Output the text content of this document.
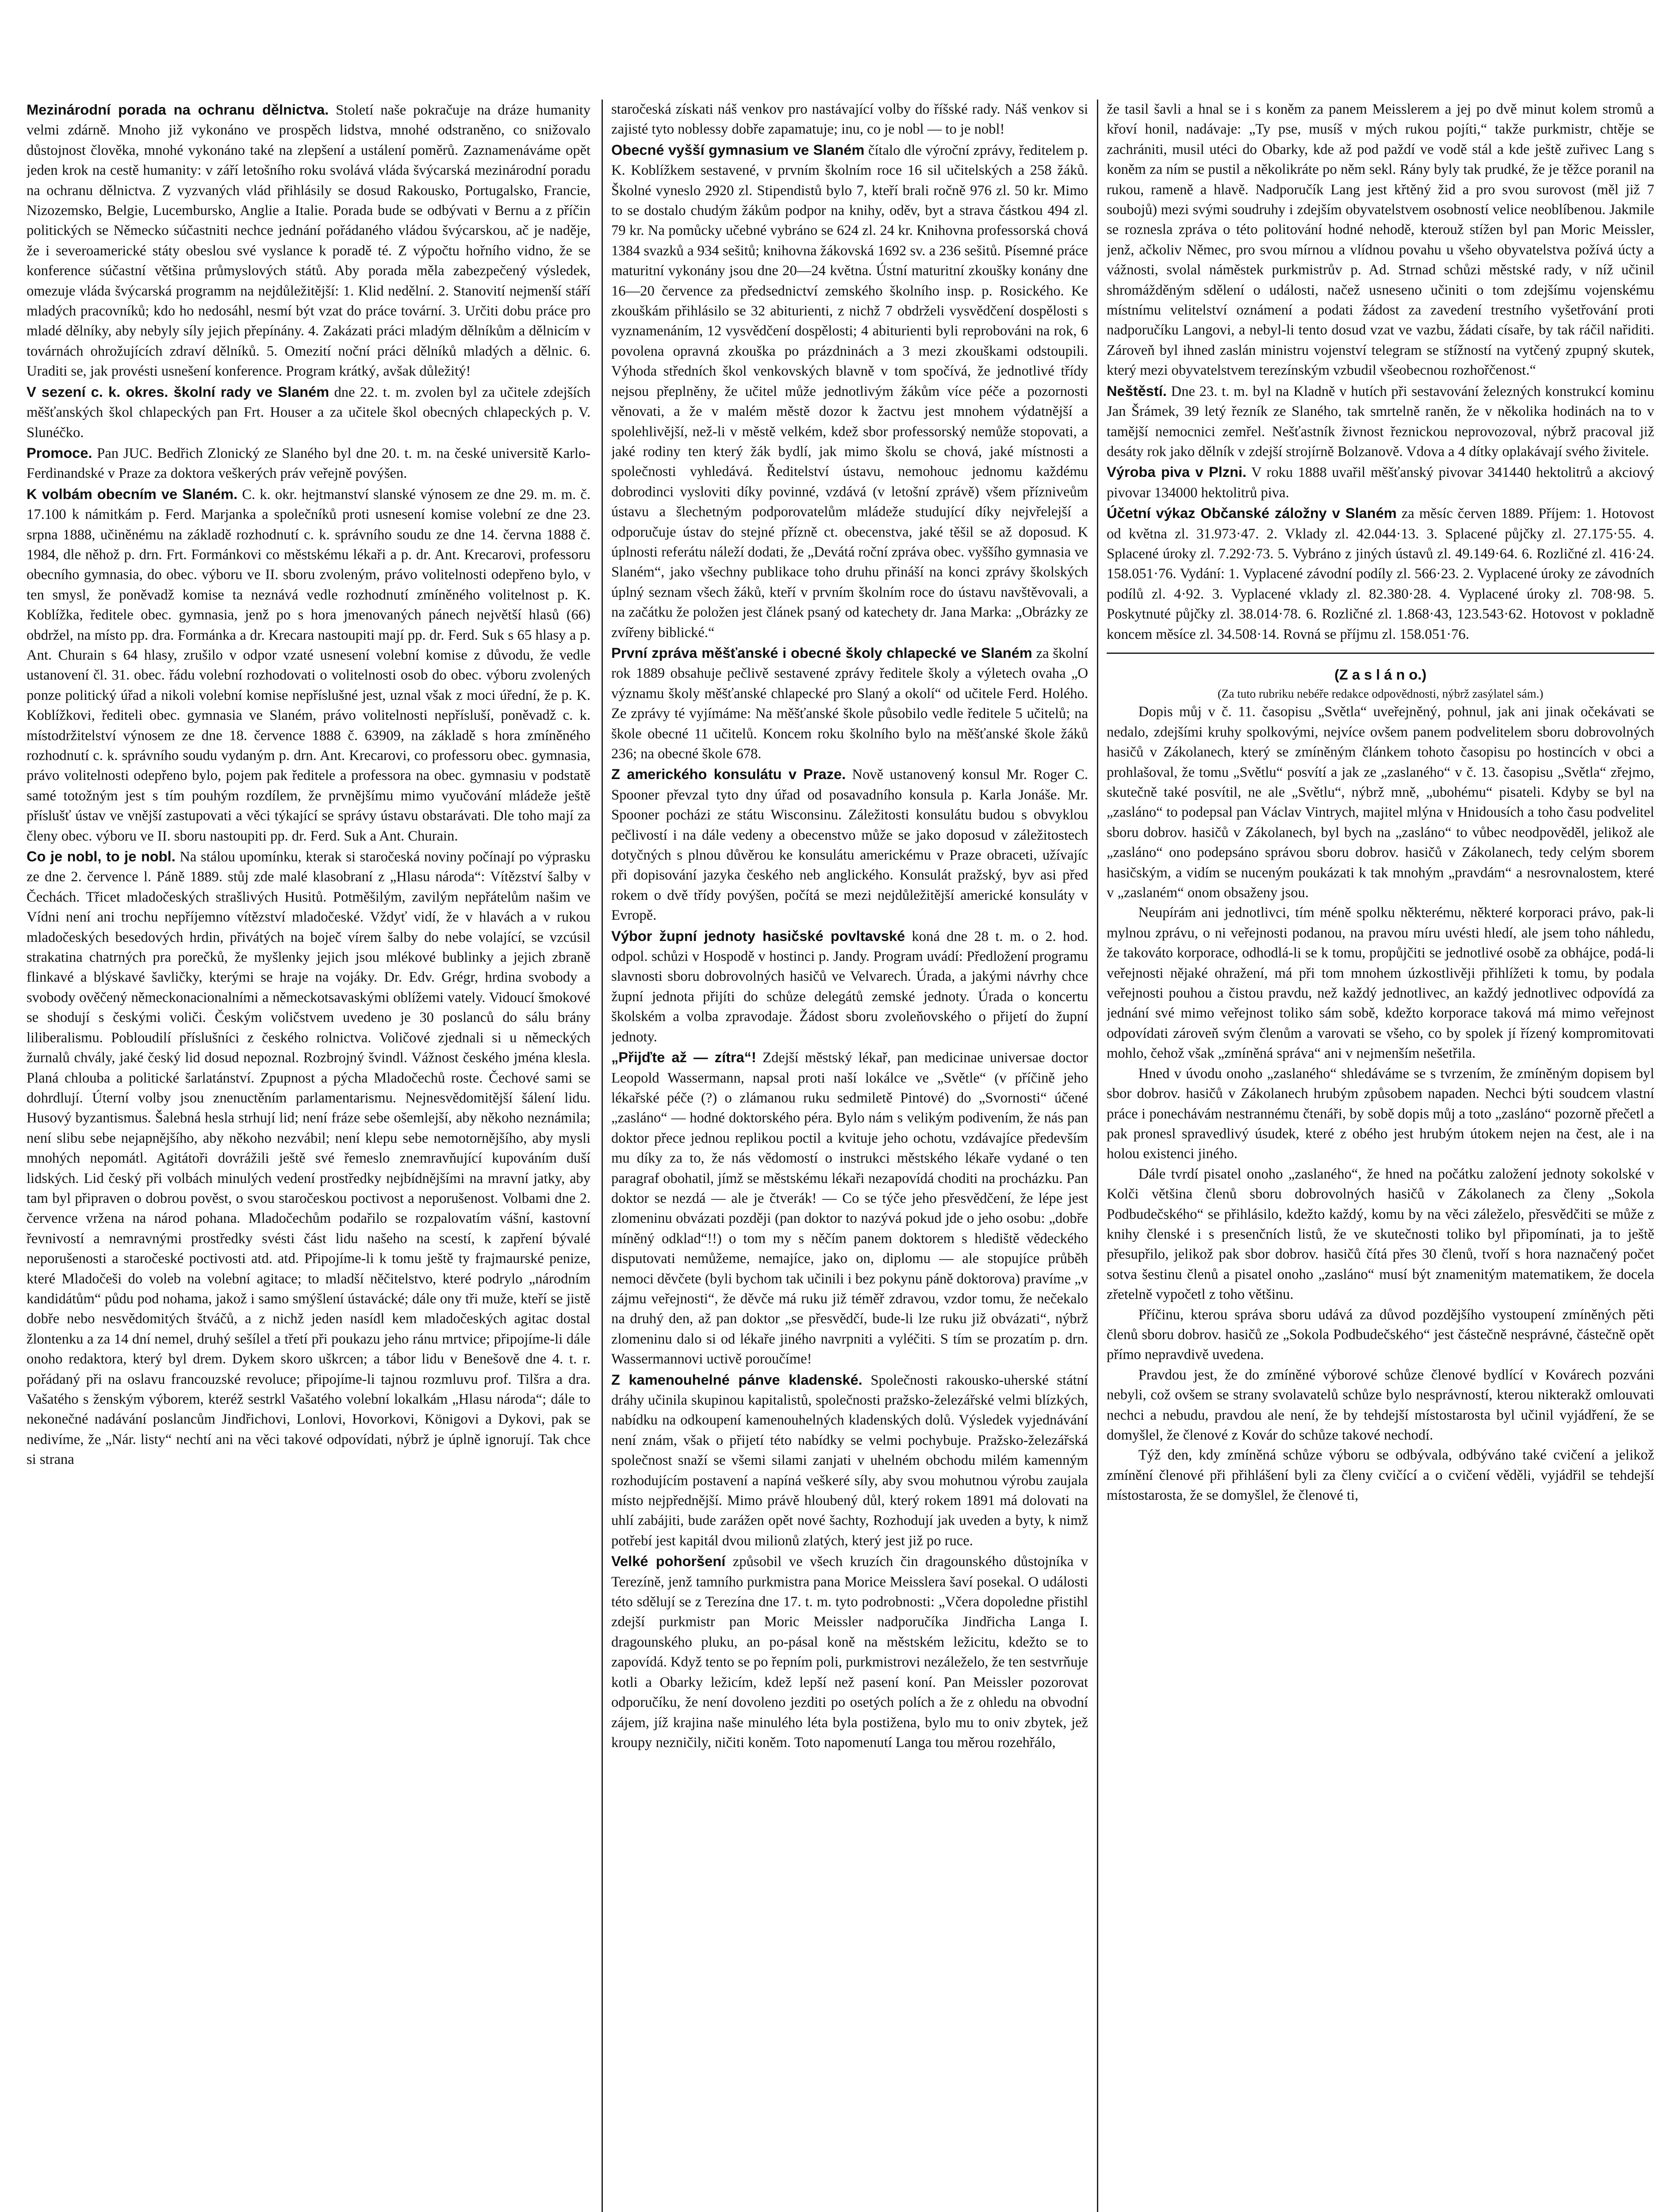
Mezinárodní porada na ochranu dělnictva. Století naše pokračuje na dráze humanity velmi zdárně. Mnoho již vykonáno ve prospěch lidstva, mnohé odstraněno, co snižovalo důstojnost člověka, mnohé vykonáno také na zlepšení a ustálení poměrů. Zaznamenáváme opět jeden krok na cestě humanity: v září letošního roku svolává vláda švýcarská mezinárodní poradu na ochranu dělnictva. Z vyzvaných vlád přihlásily se dosud Rakousko, Portugalsko, Francie, Nizozemsko, Belgie, Lucembursko, Anglie a Italie. Porada bude se odbývati v Bernu a z příčin politických se Německo súčastniti nechce jednání pořádaného vládou švýcarskou, ač je naděje, že i severoamerické státy obeslou své vyslance k poradě té. Z výpočtu hořního vidno, že se konference súčastní většina průmyslových států. Aby porada měla zabezpečený výsledek, omezuje vláda švýcarská programm na nejdůležitější: 1. Klid nedělní. 2. Stanovití nejmenší stáří mladých pracovníků; kdo ho nedosáhl, nesmí být vzat do práce tovární. 3. Určiti dobu práce pro mladé dělníky, aby nebyly síly jejich přepínány. 4. Zakázati práci mladým dělníkům a dělnicím v továrnách ohrožujících zdraví dělníků. 5. Omezití noční práci dělníků mladých a dělnic. 6. Uraditi se, jak provésti usnešení konference. Program krátký, avšak důležitý!

V sezení c. k. okres. školní rady ve Slaném dne 22. t. m. zvolen byl za učitele zdejších měšťanských škol chlapeckých pan Frt. Houser a za učitele škol obecných chlapeckých p. V. Slunéčko.

Promoce. Pan JUC. Bedřich Zlonický ze Slaného byl dne 20. t. m. na české universitě Karlo-Ferdinandské v Praze za doktora veškerých práv veřejně povýšen.

K volbám obecním ve Slaném. C. k. okr. hejtmanství slanské výnosem ze dne 29. m. m. č. 17.100 k námitkám p. Ferd. Marjanka a společníků proti usnesení komise volební ze dne 23. srpna 1888, učiněnému na základě rozhodnutí c. k. správního soudu ze dne 14. června 1888 č. 1984, dle něhož p. drn. Frt. Formánkovi co městskému lékaři a p. dr. Ant. Krecarovi, professoru obecního gymnasia, do obec. výboru ve II. sboru zvoleným, právo volitelnosti odepřeno bylo, v ten smysl, že poněvadž komise ta neznává vedle rozhodnutí zmíněného volitelnost p. K. Koblížka, ředitele obec. gymnasia, jenž po s hora jmenovaných pánech největší hlasů (66) obdržel, na místo pp. dra. Formánka a dr. Krecara nastoupiti mají pp. dr. Ferd. Suk s 65 hlasy a p. Ant. Churain s 64 hlasy, zrušilo v odpor vzaté usnesení volební komise z důvodu, že vedle ustanovení čl. 31. obec. řádu volební rozhodovati o volitelnosti osob do obec. výboru zvolených ponze politický úřad a nikoli volební komise nepříslušné jest, uznal však z moci úřední, že p. K. Koblížkovi, řediteli obec. gymnasia ve Slaném, právo volitelnosti nepřísluší, poněvadž c. k. místodržitelství výnosem ze dne 18. července 1888 č. 63909, na základě s hora zmíněného rozhodnutí c. k. správního soudu vydaným p. drn. Ant. Krecarovi, co professoru obec. gymnasia, právo volitelnosti odepřeno bylo, pojem pak ředitele a professora na obec. gymnasiu v podstatě samé totožným jest s tím pouhým rozdílem, že prvnějšímu mimo vyučování mládeže ještě příslušť ústav ve vnější zastupovati a věci týkající se správy ústavu obstarávati. Dle toho mají za členy obec. výboru ve II. sboru nastoupiti pp. dr. Ferd. Suk a Ant. Churain.

Co je nobl, to je nobl. Na stálou upomínku, kterak si staročeská noviny počínají po výprasku ze dne 2. července l. Páně 1889. stůj zde malé klasobraní z „Hlasu národa“: Vítězství šalby v Čechách. Třicet mladočeských strašlivých Husitů. Potměšilým, zavilým nepřátelům našim ve Vídni není ani trochu nepříjemno vítězství mladočeské. Vždyť vidí, že v hlavách a v rukou mladočeských besedových hrdin, přivátých na boječ vírem šalby do nebe volající, se vzcúsil strakatina chatrných pra porečků, že myšlenky jejich jsou mlékové bublinky a jejich zbraně flinkavé a blýskavé šavličky, kterými se hraje na vojáky. Dr. Edv. Grégr, hrdina svobody a svobody ověčený německonacionalními a německotsavaskými oblížemi vately. Vidoucí šmokové se shodují s českými voliči. Českým voličstvem uvedeno je 30 poslanců do sálu brány liliberalismu. Pobloudilí příslušníci z českého rolnictva. Voličové zjednali si u německých žurnalů chvály, jaké český lid dosud nepoznal. Rozbrojný švindl. Vážnost českého jména klesla. Planá chlouba a politické šarlatánství. Zpupnost a pýcha Mladočechů roste. Čechové sami se dohrdlují. Úterní volby jsou znenuctěním parlamentarismu. Nejnesvědomitější šálení lidu. Husový byzantismus. Šalebná hesla strhují lid; není fráze sebe ošemlejší, aby někoho neznámila; není slibu sebe nejapnějšího, aby někoho nezvábil; není klepu sebe nemotornějšího, aby mysli mnohých nepomátl. Agitátoři dovrážili ještě své řemeslo znemravňující kupováním duší lidských. Lid český při volbách minulých vedení prostředky nejbídnějšími na mravní jatky, aby tam byl připraven o dobrou pověst, o svou staročeskou poctivost a neporušenost. Volbami dne 2. července vržena na národ pohana. Mladočechům podařilo se rozpalovatím vášní, kastovní řevnivostí a nemravnými prostředky svésti část lidu našeho na scestí, k zapření bývalé neporušenosti a staročeské poctivosti atd. atd. Připojíme-li k tomu ještě ty frajmaurské penize, které Mladočeši do voleb na volební agitace; to mladší něčitelstvo, které podrylo „národním kandidátům“ půdu pod nohama, jakož i samo smýšlení ústavácké; dále ony tři muže, kteří se jistě dobře nebo nesvědomitých štváčů, a z nichž jeden nasídl kem mladočeských agitac dostal žlontenku a za 14 dní nemel, druhý sešílel a třetí při poukazu jeho ránu mrtvice; připojíme-li dále onoho redaktora, který byl drem. Dykem skoro uškrcen; a tábor lidu v Benešově dne 4. t. r. pořádaný při na oslavu francouzské revoluce; připojíme-li tajnou rozmluvu prof. Tilšra a dra. Vašatého s ženským výborem, kteréž sestrkl Vašatého volební lokalkám „Hlasu národa“; dále to nekonečné nadávání poslancům Jindřichovi, Lonlovi, Hovorkovi, Königovi a Dykovi, pak se nedivíme, že „Nár. listy“ nechtí ani na věci takové odpovídati, nýbrž je úplně ignorují. Tak chce si strana

staročeská získati náš venkov pro nastávající volby do říšské rady. Náš venkov si zajisté tyto noblessy dobře zapamatuje; inu, co je nobl — to je nobl!

Obecné vyšší gymnasium ve Slaném čítalo dle výroční zprávy, ředitelem p. K. Koblížkem sestavené, v prvním školním roce 16 sil učitelských a 258 žáků. Školné vyneslo 2920 zl. Stipendistů bylo 7, kteří brali ročně 976 zl. 50 kr. Mimo to se dostalo chudým žákům podpor na knihy, oděv, byt a strava částkou 494 zl. 79 kr. Na pomůcky učebné vybráno se 624 zl. 24 kr. Knihovna professorská chová 1384 svazků a 934 sešitů; knihovna žákovská 1692 sv. a 236 sešitů. Písemné práce maturitní vykonány jsou dne 20—24 května. Ústní maturitní zkoušky konány dne 16—20 července za předsednictví zemského školního insp. p. Rosického. Ke zkouškám přihlásilo se 32 abiturienti, z nichž 7 obdrželi vysvědčení dospělosti s vyznamenáním, 12 vysvědčení dospělosti; 4 abiturienti byli reprobováni na rok, 6 povolena opravná zkouška po prázdninách a 3 mezi zkouškami odstoupili. Výhoda středních škol venkovských blavně v tom spočívá, že jednotlivé třídy nejsou přeplněny, že učitel může jednotlivým žákům více péče a pozornosti věnovati, a že v malém městě dozor k žactvu jest mnohem výdatnější a spolehlivější, než-li v městě velkém, kdež sbor professorský nemůže stopovati, a jaké rodiny ten který žák bydlí, jak mimo školu se chová, jaké místnosti a společnosti vyhledává. Ředitelství ústavu, nemohouc jednomu každému dobrodinci vysloviti díky povinné, vzdává (v letošní zprávě) všem přízniveům ústavu a šlechetným podporovatelům mládeže studující díky nejvřelejší a odporučuje ústav do stejné přízně ct. obecenstva, jaké těšil se až doposud. K úplnosti referátu náleží dodati, že „Devátá roční zpráva obec. vyššího gymnasia ve Slaném“, jako všechny publikace toho druhu přináší na konci zprávy školských úplný seznam všech žáků, kteří v prvním školním roce do ústavu navštěvovali, a na začátku že položen jest článek psaný od katechety dr. Jana Marka: „Obrázky ze zvířeny biblické.“

První zpráva měšťanské i obecné školy chlapecké ve Slaném za školní rok 1889 obsahuje pečlivě sestavené zprávy ředitele školy a výletech ovaha „O významu školy měšťanské chlapecké pro Slaný a okolí“ od učitele Ferd. Holého. Ze zprávy té vyjímáme: Na měšťanské škole působilo vedle ředitele 5 učitelů; na škole obecné 11 učitelů. Koncem roku školního bylo na měšťanské škole žáků 236; na obecné škole 678.

Z amerického konsulátu v Praze. Nově ustanovený konsul Mr. Roger C. Spooner převzal tyto dny úřad od posavadního konsula p. Karla Jonáše. Mr. Spooner pocházi ze státu Wisconsinu. Záležitosti konsulátu budou s obvyklou pečlivostí i na dále vedeny a obecenstvo může se jako doposud v záležitostech dotyčných s plnou důvěrou ke konsulátu americkému v Praze obraceti, užívajíc při dopisování jazyka českého neb anglického. Konsulát pražský, byv asi před rokem o dvě třídy povýšen, počítá se mezi nejdůležitější americké konsuláty v Evropě.

Výbor župní jednoty hasičské povltavské koná dne 28 t. m. o 2. hod. odpol. schůzi v Hospodě v hostinci p. Jandy. Program uvádí: Předložení programu slavnosti sboru dobrovolných hasičů ve Velvarech. Úrada, a jakými návrhy chce župní jednota přijíti do schůze delegátů zemské jednoty. Úrada o koncertu školském a volba zpravodaje. Žádost sboru zvoleňovského o přijetí do župní jednoty.

„Přijďte až — zítra“! Zdejší městský lékař, pan medicinae universae doctor Leopold Wassermann, napsal proti naší lokálce ve „Světle“ (v příčině jeho lékařské péče (?) o zlámanou ruku sedmiletě Pintové) do „Svornosti“ účené „zasláno“ — hodné doktorského péra. Bylo nám s velikým podivením, že nás pan doktor přece jednou replikou poctil a kvituje jeho ochotu, vzdávajíce především mu díky za to, že nás vědomostí o instrukci městského lékaře vydané o ten paragraf obohatil, jímž se městskému lékaři nezapovídá choditi na procházku. Pan doktor se nezdá — ale je čtverák! — Co se týče jeho přesvědčení, že lépe jest zlomeninu obvázati později (pan doktor to nazývá pokud jde o jeho osobu: „dobře míněný odklad“!!) o tom my s něčím panem doktorem s hlediště vědeckého disputovati nemůžeme, nemajíce, jako on, diplomu — ale stopujíce průběh nemoci děvčete (byli bychom tak učinili i bez pokynu páně doktorova) pravíme „v zájmu veřejnosti“, že děvče má ruku již téměř zdravou, vzdor tomu, že nečekalo na druhý den, až pan doktor „se přesvědčí, bude-li lze ruku již obvázati“, nýbrž zlomeninu dalo si od lékaře jiného navrpniti a vyléčiti. S tím se prozatím p. drn. Wassermannovi uctivě poroučíme!

Z kamenouhelné pánve kladenské. Společnosti rakousko-uherské státní dráhy učinila skupinou kapitalistů, společnosti pražsko-železářské velmi blízkých, nabídku na odkoupení kamenouhelných kladenských dolů. Výsledek vyjednávání není znám, však o přijetí této nabídky se velmi pochybuje. Pražsko-železářská společnost snaží se všemi silami zanjati v uhelném obchodu milém kamenným rozhodujícím postavení a napíná veškeré síly, aby svou mohutnou výrobu zaujala místo nejpřednější. Mimo právě hloubený důl, který rokem 1891 má dolovati na uhlí zabájiti, bude zarážen opět nové šachty, Rozhodují jak uveden a byty, k nimž potřebí jest kapitál dvou milionů zlatých, který jest již po ruce.

Velké pohoršení způsobil ve všech kruzích čin dragounského důstojníka v Terezíně, jenž tamního purkmistra pana Morice Meisslera šaví posekal. O události této sdělují se z Terezína dne 17. t. m. tyto podrobnosti: „Včera dopoledne přistihl zdejší purkmistr pan Moric Meissler nadporučíka Jindřicha Langa I. dragounského pluku, an po-pásal koně na městském ležicitu, kdežto se to zapovídá. Když tento se po řepním poli, purkmistrovi nezáleželo, že ten sestvrňuje kotli a Obarky ležicím, kdež lepší než pasení koní. Pan Meissler pozorovat odporučíku, že není dovoleno jezditi po osetých polích a že z ohledu na obvodní zájem, jíž krajina naše minulého léta byla postižena, bylo mu to oniv zbytek, jež kroupy nezničily, ničiti koněm. Toto napomenutí Langa tou měrou rozehřálo,

že tasil šavli a hnal se i s koněm za panem Meisslerem a jej po dvě minut kolem stromů a křoví honil, nadávaje: „Ty pse, musíš v mých rukou pojíti,“ takže purkmistr, chtěje se zachrániti, musil utéci do Obarky, kde až pod paždí ve vodě stál a kde ještě zuřivec Lang s koněm za ním se pustil a několikráte po něm sekl. Rány byly tak prudké, že je těžce poranil na rukou, rameně a hlavě. Nadporučík Lang jest křtěný žid a pro svou surovost (měl již 7 soubojů) mezi svými soudruhy i zdejším obyvatelstvem osobností velice neoblíbenou. Jakmile se roznesla zpráva o této politování hodné nehodě, kterouž stížen byl pan Moric Meissler, jenž, ačkoliv Němec, pro svou mírnou a vlídnou povahu u všeho obyvatelstva požívá úcty a vážnosti, svolal náměstek purkmistrův p. Ad. Strnad schůzi městské rady, v níž učinil shromážděným sdělení o události, načež usneseno učiniti o tom zdejšímu vojenskému místnímu velitelství oznámení a podati žádost za zavedení trestního vyšetřování proti nadporučíku Langovi, a nebyl-li tento dosud vzat ve vazbu, žádati císaře, by tak ráčil nařiditi. Zároveň byl ihned zaslán ministru vojenství telegram se stížností na vytčený zpupný skutek, který mezi obyvatelstvem terezínským vzbudil všeobecnou rozhořčenost.“

Neštěstí. Dne 23. t. m. byl na Kladně v hutích při sestavování železných konstrukcí kominu Jan Šrámek, 39 letý řezník ze Slaného, tak smrtelně raněn, že v několika hodinách na to v tamější nemocnici zemřel. Nešťastník živnost řeznickou neprovozoval, nýbrž pracoval již desáty rok jako dělník v zdejší strojírně Bolzanově. Vdova a 4 dítky oplakávají svého živitele.

Výroba piva v Plzni. V roku 1888 uvařil měšťanský pivovar 341440 hektolitrů a akciový pivovar 134000 hektolitrů piva.

Účetní výkaz Občanské záložny v Slaném za měsíc červen 1889. Příjem: 1. Hotovost od května zl. 31.973·47. 2. Vklady zl. 42.044·13. 3. Splacené půjčky zl. 27.175·55. 4. Splacené úroky zl. 7.292·73. 5. Vybráno z jiných ústavů zl. 49.149·64. 6. Rozličné zl. 416·24. 158.051·76. Vydání: 1. Vyplacené závodní podíly zl. 566·23. 2. Vyplacené úroky ze závodních podílů zl. 4·92. 3. Vyplacené vklady zl. 82.380·28. 4. Vyplacené úroky zl. 708·98. 5. Poskytnuté půjčky zl. 38.014·78. 6. Rozličné zl. 1.868·43, 123.543·62. Hotovost v pokladně koncem měsíce zl. 34.508·14. Rovná se příjmu zl. 158.051·76.

(Z a s l á n o.)

(Za tuto rubriku nebéře redakce odpovědnosti, nýbrž zasýlatel sám.)

Dopis můj v č. 11. časopisu „Světla“ uveřejněný, pohnul, jak ani jinak očekávati se nedalo, zdejšími kruhy spolkovými, nejvíce ovšem panem podvelitelem sboru dobrovolných hasičů v Zákolanech, který se zmíněným článkem tohoto časopisu po hostincích v obci a prohlašoval, že tomu „Světlu“ posvítí a jak ze „zaslaného“ v č. 13. časopisu „Světla“ zřejmo, skutečně také posvítil, ne ale „Světlu“, nýbrž mně, „ubohému“ pisateli. Kdyby se byl na „zasláno“ to podepsal pan Václav Vintrych, majitel mlýna v Hnidousích a toho času podvelitel sboru dobrov. hasičů v Zákolanech, byl bych na „zasláno“ to vůbec neodpověděl, jelikož ale „zasláno“ ono podepsáno správou sboru dobrov. hasičů v Zákolanech, tedy celým sborem hasičským, a vidím se nuceným poukázati k tak mnohým „pravdám“ a nesrovnalostem, které v „zaslaném“ onom obsaženy jsou.

Neupírám ani jednotlivci, tím méně spolku některému, některé korporaci právo, pak-li mylnou zprávu, o ni veřejnosti podanou, na pravou míru uvésti hledí, ale jsem toho náhledu, že takováto korporace, odhodlá-li se k tomu, propůjčiti se jednotlivé osobě za obhájce, podá-li veřejnosti nějaké ohražení, má při tom mnohem úzkostlivěji přihlížeti k tomu, by podala veřejnosti pouhou a čistou pravdu, než každý jednotlivec, an každý jednotlivec odpovídá za jednání své mimo veřejnost toliko sám sobě, kdežto korporace taková má mimo veřejnost odpovídati zároveň svým členům a varovati se všeho, co by spolek jí řízený kompromitovati mohlo, čehož však „zmíněná správa“ ani v nejmenším nešetřila.

Hned v úvodu onoho „zaslaného“ shledáváme se s tvrzením, že zmíněným dopisem byl sbor dobrov. hasičů v Zákolanech hrubým způsobem napaden. Nechci býti soudcem vlastní práce i ponechávám nestrannému čtenáři, by sobě dopis můj a toto „zasláno“ pozorně přečetl a pak pronesl spravedlivý úsudek, které z obého jest hrubým útokem nejen na čest, ale i na holou existenci jiného.

Dále tvrdí pisatel onoho „zaslaného“, že hned na počátku založení jednoty sokolské v Kolči většina členů sboru dobrovolných hasičů v Zákolanech za členy „Sokola Podbudečského“ se přihlásilo, kdežto každý, komu by na věci záleželo, přesvědčiti se může z knihy členské i s presenčních listů, že ve skutečnosti toliko byl připomínati, ja to ještě přesupřilo, jelikož pak sbor dobrov. hasičů čítá přes 30 členů, tvoří s hora naznačený počet sotva šestinu členů a pisatel onoho „zasláno“ musí být znamenitým matematikem, že docela zřetelně vypočetl z toho většinu.

Příčinu, kterou správa sboru udává za důvod pozdějšího vystoupení zmíněných pěti členů sboru dobrov. hasičů ze „Sokola Podbudečského“ jest částečně nesprávné, částečně opět přímo nepravdivě uvedena.

Pravdou jest, že do zmíněné výborové schůze členové bydlící v Kovárech pozváni nebyli, což ovšem se strany svolavatelů schůze bylo nesprávností, kterou nikterakž omlouvati nechci a nebudu, pravdou ale není, že by tehdejší místostarosta byl učinil vyjádření, že se domyšlel, že členové z Kovár do schůze takové nechodí.

Týž den, kdy zmíněná schůze výboru se odbývala, odbýváno také cvičení a jelikož zmínění členové při přihlášení byli za členy cvičící a o cvičení věděli, vyjádřil se tehdejší místostarosta, že se domyšlel, že členové ti,
